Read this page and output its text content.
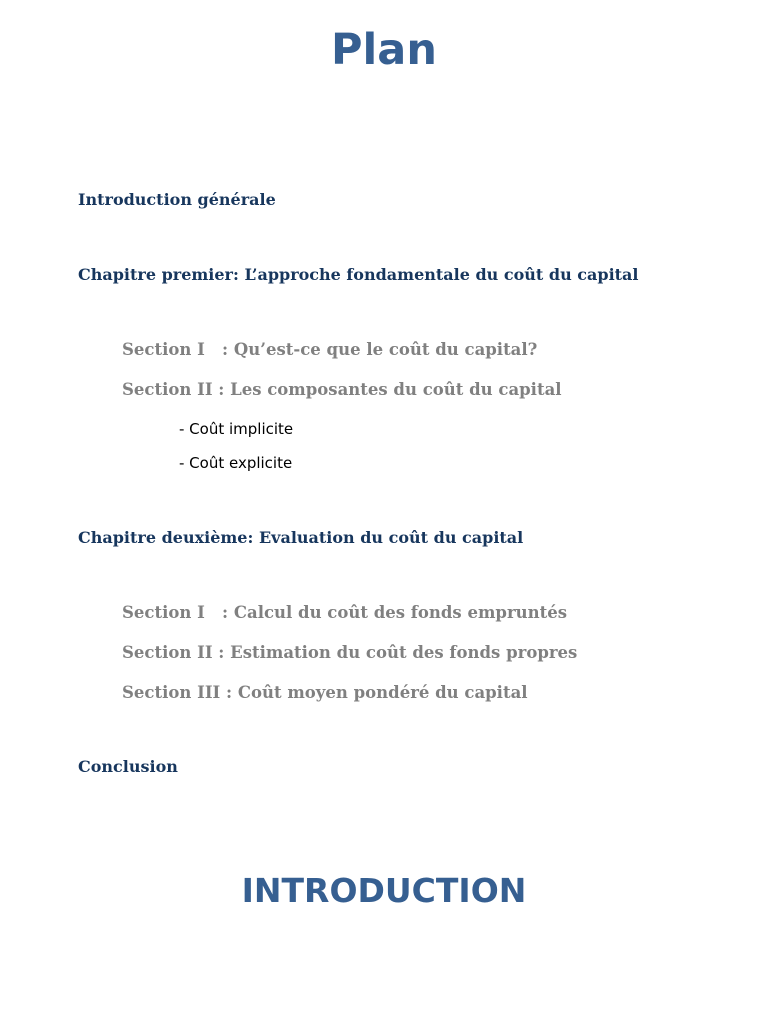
Plan

Introduction générale

Chapitre premier: L’approche fondamentale du coût du capital

Section I   : Qu’est-ce que le coût du capital?

Section II : Les composantes du coût du capital

- Coût implicite

- Coût explicite

Chapitre deuxième: Evaluation du coût du capital

Section I   : Calcul du coût des fonds empruntés

Section II : Estimation du coût des fonds propres

Section III : Coût moyen pondéré du capital

Conclusion

INTRODUCTION
